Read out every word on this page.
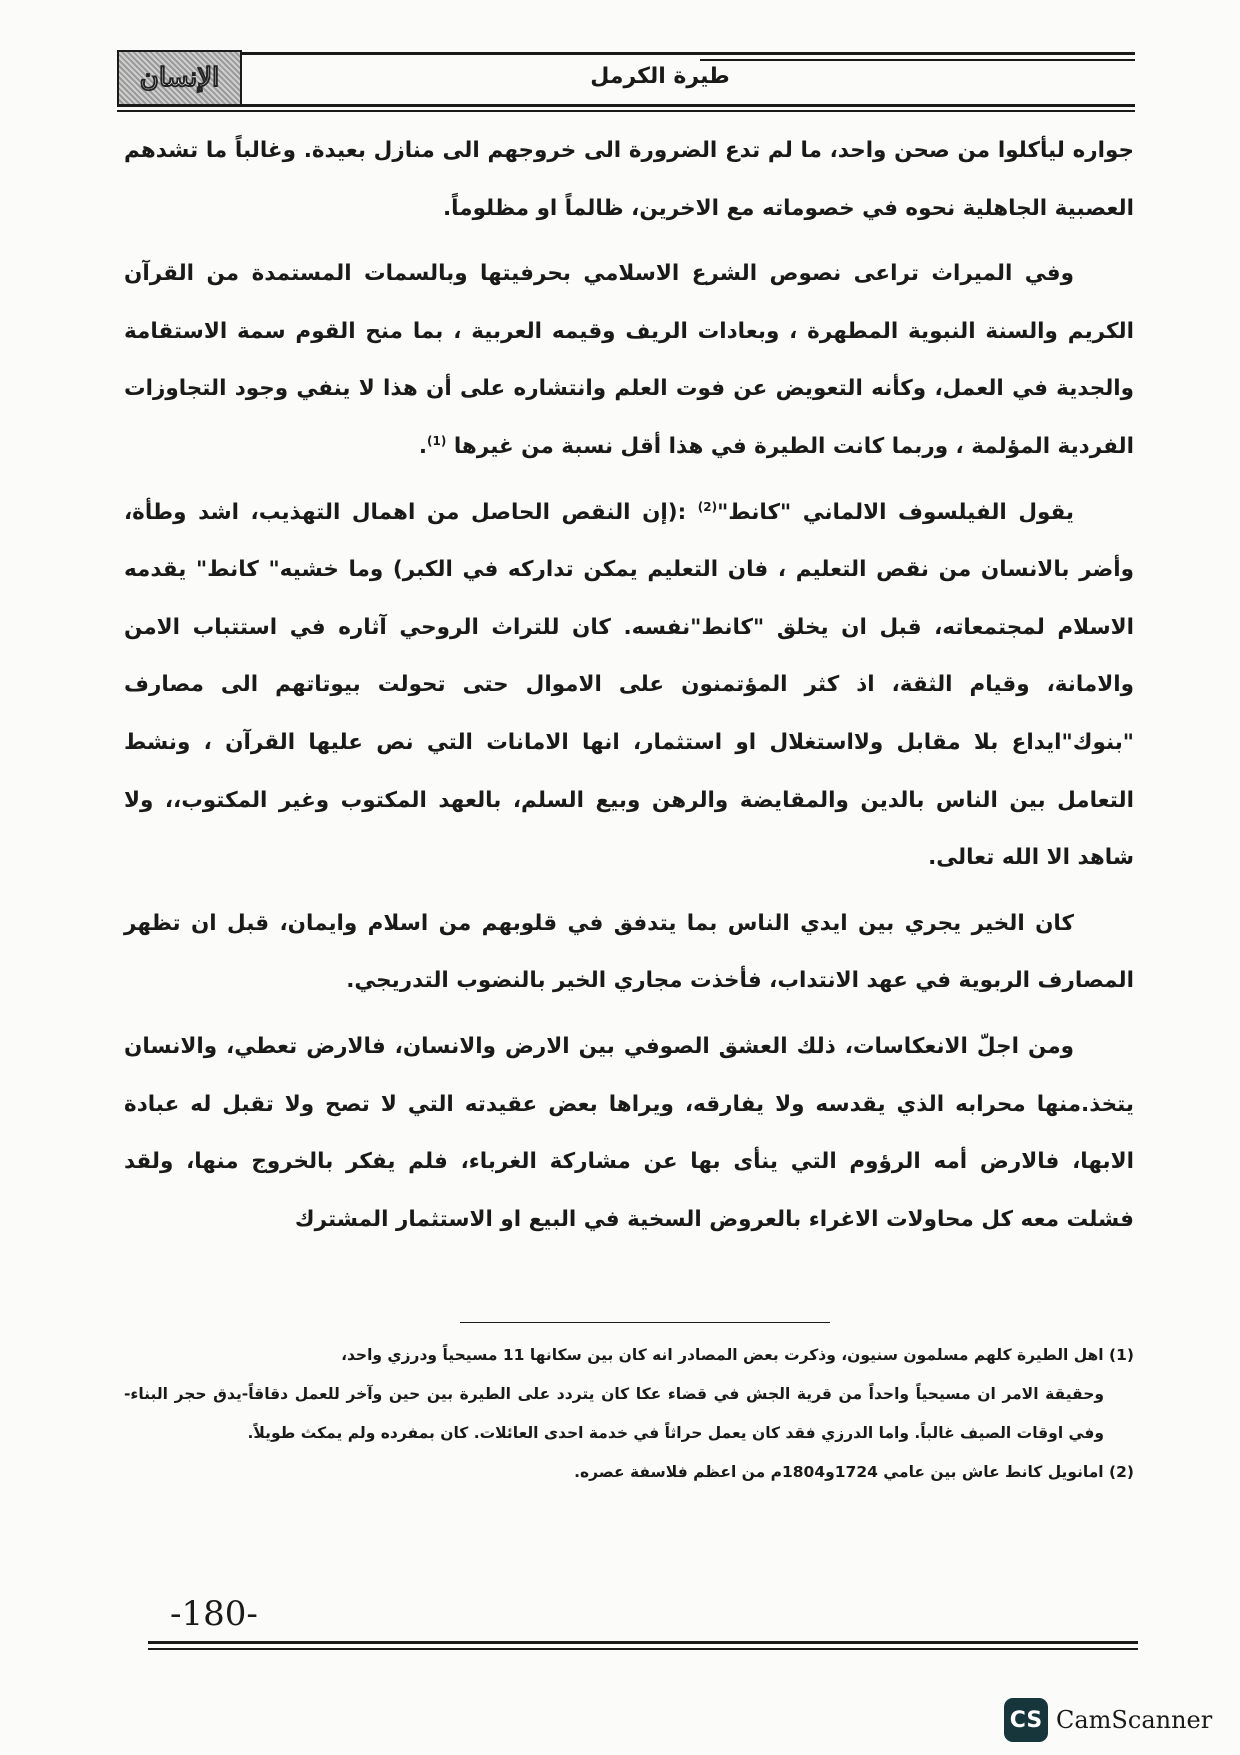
الإنسان	طيرة الكرمل

جواره ليأكلوا من صحن واحد، ما لم تدع الضرورة الى خروجهم الى منازل بعيدة. وغالباً ما تشدهم العصبية الجاهلية نحوه في خصوماته مع الاخرين، ظالماً او مظلوماً.

وفي الميراث تراعى نصوص الشرع الاسلامي بحرفيتها وبالسمات المستمدة من القرآن الكريم والسنة النبوية المطهرة ، وبعادات الريف وقيمه العربية ، بما منح القوم سمة الاستقامة والجدية في العمل، وكأنه التعويض عن فوت العلم وانتشاره على أن هذا لا ينفي وجود التجاوزات الفردية المؤلمة ، وربما كانت الطيرة في هذا أقل نسبة من غيرها $^{(1)}$.

يقول الفيلسوف الالماني "كانط"$^{(2)}$ :(إن النقص الحاصل من اهمال التهذيب، اشد وطأة، وأضر بالانسان من نقص التعليم ، فان التعليم يمكن تداركه في الكبر) وما خشيه" كانط" يقدمه الاسلام لمجتمعاته، قبل ان يخلق "كانط"نفسه. كان للتراث الروحي آثاره في استتباب الامن والامانة، وقيام الثقة، اذ كثر المؤتمنون على الاموال حتى تحولت بيوتاتهم الى مصارف "بنوك"ايداع بلا مقابل ولااستغلال او استثمار، انها الامانات التي نص عليها القرآن ، ونشط التعامل بين الناس بالدين والمقايضة والرهن وبيع السلم، بالعهد المكتوب وغير المكتوب،، ولا شاهد الا الله تعالى.

كان الخير يجري بين ايدي الناس بما يتدفق في قلوبهم من اسلام وايمان، قبل ان تظهر المصارف الربوية في عهد الانتداب، فأخذت مجاري الخير بالنضوب التدريجي.

ومن اجلّ الانعكاسات، ذلك العشق الصوفي بين الارض والانسان، فالارض تعطي، والانسان يتخذ.منها محرابه الذي يقدسه ولا يفارقه، ويراها بعض عقيدته التي لا تصح ولا تقبل له عبادة الابها، فالارض أمه الرؤوم التي ينأى بها عن مشاركة الغرباء، فلم يفكر بالخروج منها، ولقد فشلت معه كل محاولات الاغراء بالعروض السخية في البيع او الاستثمار المشترك

(1) اهل الطيرة كلهم مسلمون سنيون، وذكرت بعض المصادر انه كان بين سكانها 11 مسيحياً ودرزي واحد،

وحقيقة الامر ان مسيحياً واحداً من قرية الجش في قضاء عكا كان يتردد على الطيرة بين حين وآخر للعمل دقاقاً-يدق حجر البناء- وفي اوقات الصيف غالباً. واما الدرزي فقد كان يعمل حراثاً في خدمة احدى العائلات. كان بمفرده ولم يمكث طويلاً.

(2) امانويل كانط عاش بين عامي 1724و1804م من اعظم فلاسفة عصره.

-180-
CS CamScanner
